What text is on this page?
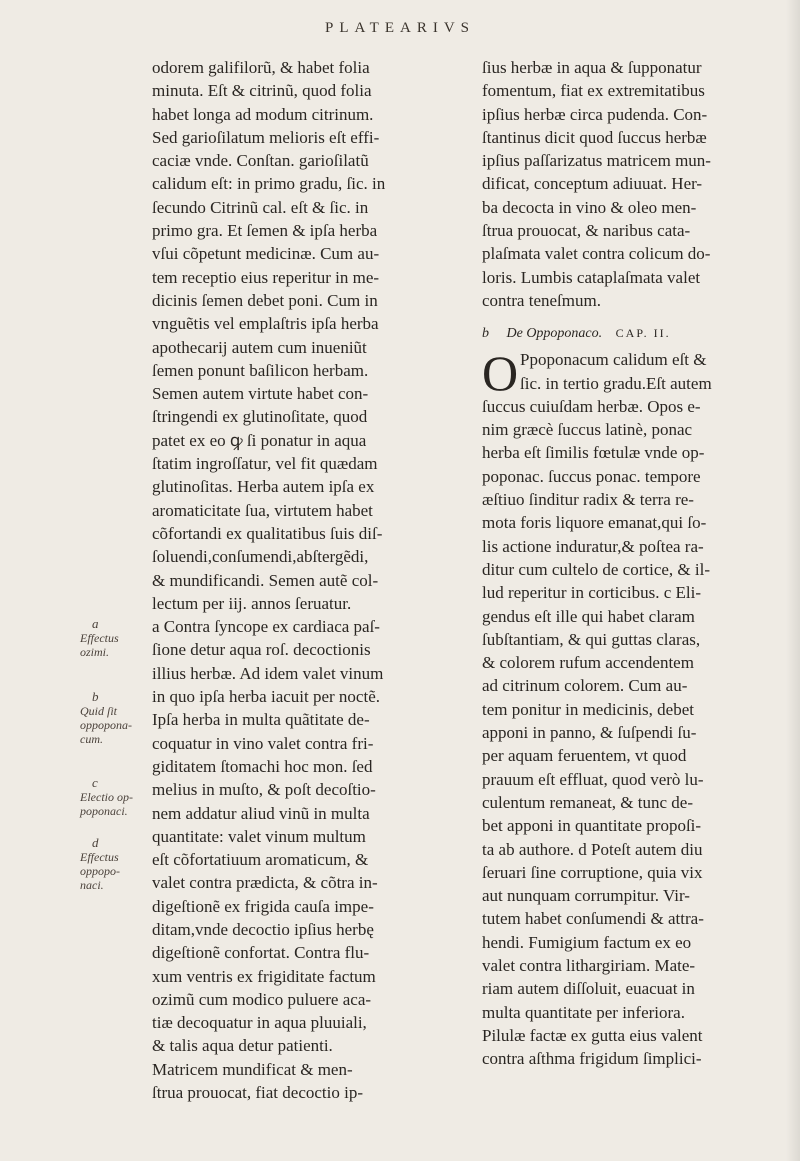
PLATEARIVS
a
Effectus
ozimi.
b
Quid ſit
oppopona-
cum.
c
Electio op-
poponaci.
d
Effectus
oppopo-
naci.
odorem galifilorũ, & habet folia
minuta. Eſt & citrinũ, quod folia
habet longa ad modum citrinum.
Sed garioſilatum melioris eſt effi-
caciæ vnde. Conſtan. garioſilatũ
calidum eſt: in primo gradu, ſic. in
ſecundo Citrinũ cal. eſt & ſic. in
primo gra. Et ſemen & ipſa herba
vſui cõpetunt medicinæ. Cum au-
tem receptio eius reperitur in me-
dicinis ſemen debet poni. Cum in
vnguẽtis vel emplaſtris ipſa herba
apothecarij autem cum inueniũt
ſemen ponunt baſilicon herbam.
Semen autem virtute habet con-
ſtringendi ex glutinoſitate, quod
patet ex eo ꝙ ſi ponatur in aqua
ſtatim ingroſſatur, vel fit quædam
glutinoſitas. Herba autem ipſa ex
aromaticitate ſua, virtutem habet
cõfortandi ex qualitatibus ſuis diſ-
ſoluendi,conſumendi,abſtergẽdi,
& mundificandi. Semen autẽ col-
lectum per iij. annos ſeruatur.
a Contra ſyncope ex cardiaca paſ-
ſione detur aqua roſ. decoctionis
illius herbæ. Ad idem valet vinum
in quo ipſa herba iacuit per noctẽ.
Ipſa herba in multa quãtitate de-
coquatur in vino valet contra fri-
giditatem ſtomachi hoc mon. ſed
melius in muſto, & poſt decoſtio-
nem addatur aliud vinũ in multa
quantitate: valet vinum multum
eſt cõfortatiuum aromaticum, &
valet contra prædicta, & cõtra in-
digeſtionẽ ex frigida cauſa impe-
ditam,vnde decoctio ipſius herbę
digeſtionẽ confortat. Contra flu-
xum ventris ex frigiditate factum
ozimũ cum modico puluere aca-
tiæ decoquatur in aqua pluuiali,
& talis aqua detur patienti.
Matricem mundificat & men-
ſtrua prouocat, fiat decoctio ip-
ſius herbæ in aqua & ſupponatur
fomentum, fiat ex extremitatibus
ipſius herbæ circa pudenda. Con-
ſtantinus dicit quod ſuccus herbæ
ipſius paſſarizatus matricem mun-
dificat, conceptum adiuuat. Her-
ba decocta in vino & oleo men-
ſtrua prouocat, & naribus cata-
plaſmata valet contra colicum do-
loris. Lumbis cataplaſmata valet
contra teneſmum.
b De Oppoponaco. CAP. II.
O Ppoponacum calidum eſt &
ſic. in tertio gradu.Eſt autem
ſuccus cuiuſdam herbæ. Opos e-
nim græcè ſuccus latinè, ponac
herba eſt ſimilis fœtulæ vnde op-
poponac. ſuccus ponac. tempore
æſtiuo ſinditur radix & terra re-
mota foris liquore emanat,qui ſo-
lis actione induratur,& poſtea ra-
ditur cum cultelo de cortice, & il-
lud reperitur in corticibus. c Eli-
gendus eſt ille qui habet claram
ſubſtantiam, & qui guttas claras,
& colorem rufum accendentem
ad citrinum colorem. Cum au-
tem ponitur in medicinis, debet
apponi in panno, & ſuſpendi ſu-
per aquam feruentem, vt quod
prauum eſt effluat, quod verò lu-
culentum remaneat, & tunc de-
bet apponi in quantitate propoſi-
ta ab authore. d Poteſt autem diu
ſeruari ſine corruptione, quia vix
aut nunquam corrumpitur. Vir-
tutem habet conſumendi & attra-
hendi. Fumigium factum ex eo
valet contra lithargiriam. Mate-
riam autem diſſoluit, euacuat in
multa quantitate per inferiora.
Pilulæ factæ ex gutta eius valent
contra aſthma frigidum ſimplici-
